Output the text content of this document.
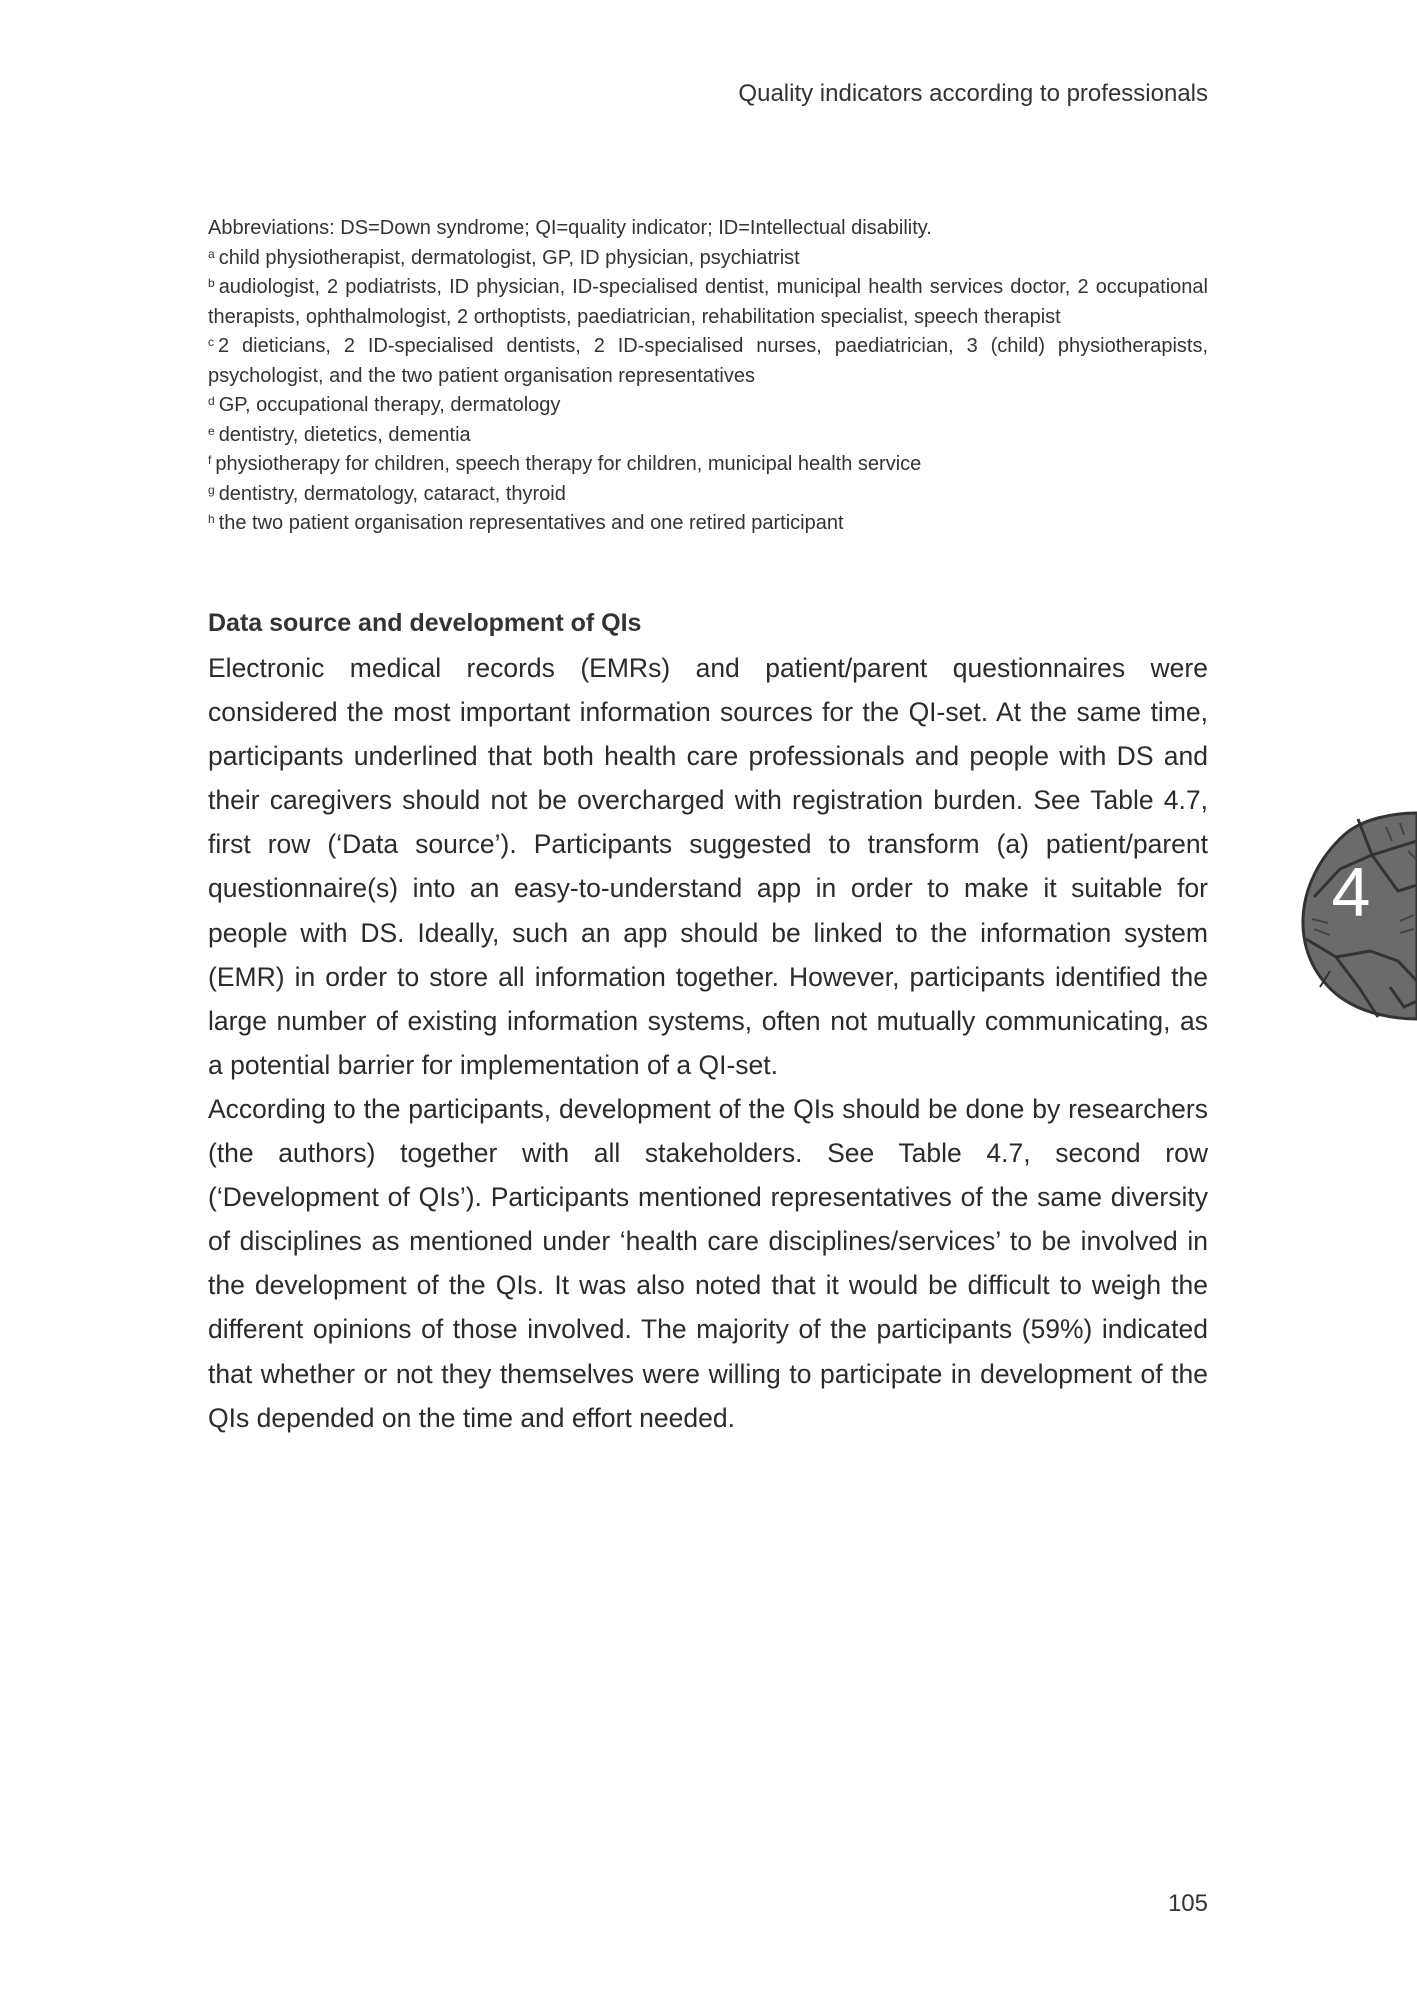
Quality indicators according to professionals

Abbreviations: DS=Down syndrome; QI=quality indicator; ID=Intellectual disability.

$^a$ child physiotherapist, dermatologist, GP, ID physician, psychiatrist

$^b$ audiologist, 2 podiatrists, ID physician, ID-specialised dentist, municipal health services doctor, 2 occupational therapists, ophthalmologist, 2 orthoptists, paediatrician, rehabilitation specialist, speech therapist

$^c$ 2 dieticians, 2 ID-specialised dentists, 2 ID-specialised nurses, paediatrician, 3 (child) physiotherapists, psychologist, and the two patient organisation representatives

$^d$ GP, occupational therapy, dermatology

$^e$ dentistry, dietetics, dementia

$^f$ physiotherapy for children, speech therapy for children, municipal health service

$^g$ dentistry, dermatology, cataract, thyroid

$^h$ the two patient organisation representatives and one retired participant

Data source and development of QIs

Electronic medical records (EMRs) and patient/parent questionnaires were considered the most important information sources for the QI-set. At the same time, participants underlined that both health care professionals and people with DS and their caregivers should not be overcharged with registration burden. See Table 4.7, first row (‘Data source’). Participants suggested to transform (a) patient/parent questionnaire(s) into an easy-to-understand app in order to make it suitable for people with DS. Ideally, such an app should be linked to the information system (EMR) in order to store all information together. However, participants identified the large number of existing information systems, often not mutually communicating, as a potential barrier for implementation of a QI-set.

According to the participants, development of the QIs should be done by researchers (the authors) together with all stakeholders. See Table 4.7, second row (‘Development of QIs’). Participants mentioned representatives of the same diversity of disciplines as mentioned under ‘health care disciplines/services’ to be involved in the development of the QIs. It was also noted that it would be difficult to weigh the different opinions of those involved. The majority of the participants (59%) indicated that whether or not they themselves were willing to participate in development of the QIs depended on the time and effort needed.

4
105
